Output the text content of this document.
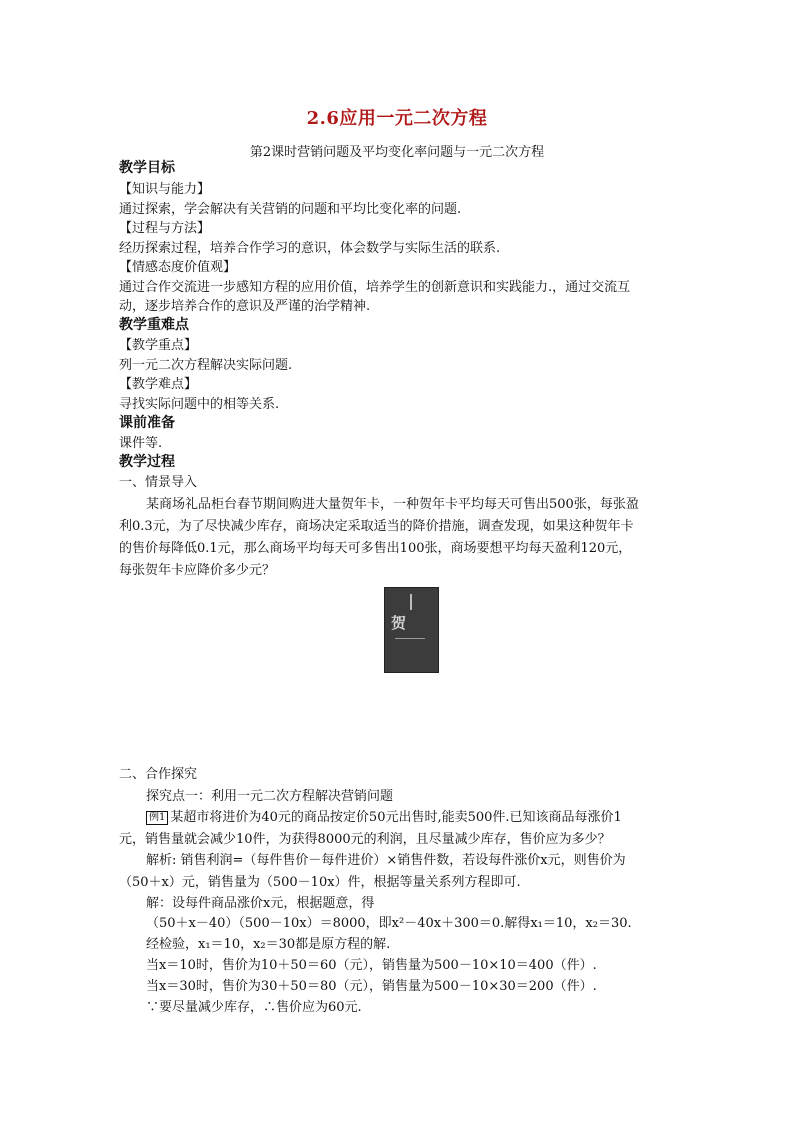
2.6应用一元二次方程
第2课时营销问题及平均变化率问题与一元二次方程
教学目标
【知识与能力】
通过探索，学会解决有关营销的问题和平均比变化率的问题.
【过程与方法】
经历探索过程，培养合作学习的意识，体会数学与实际生活的联系.
【情感态度价值观】
通过合作交流进一步感知方程的应用价值，培养学生的创新意识和实践能力.，通过交流互
动，逐步培养合作的意识及严谨的治学精神.
教学重难点
【教学重点】
列一元二次方程解决实际问题.
【教学难点】
寻找实际问题中的相等关系.
课前准备
课件等.
教学过程
一、情景导入
某商场礼品柜台春节期间购进大量贺年卡，一种贺年卡平均每天可售出500张，每张盈
利0.3元，为了尽快减少库存，商场决定采取适当的降价措施，调查发现，如果这种贺年卡
的售价每降低0.1元，那么商场平均每天可多售出100张，商场要想平均每天盈利120元，
每张贺年卡应降价多少元？
贺
二、合作探究
探究点一：利用一元二次方程解决营销问题
例1 某超市将进价为40元的商品按定价50元出售时,能卖500件.已知该商品每涨价1
元，销售量就会减少10件，为获得8000元的利润，且尽量减少库存，售价应为多少？
解析: 销售利润=（每件售价－每件进价）×销售件数，若设每件涨价x元，则售价为
（50＋x）元，销售量为（500－10x）件，根据等量关系列方程即可.
解：设每件商品涨价x元，根据题意，得
（50＋x－40）（500－10x）＝8000，即x²－40x＋300＝0.解得x₁＝10，x₂＝30.
经检验，x₁＝10，x₂＝30都是原方程的解.
当x＝10时，售价为10＋50＝60（元），销售量为500－10×10＝400（件）.
当x＝30时，售价为30＋50＝80（元），销售量为500－10×30＝200（件）.
∵要尽量减少库存，∴售价应为60元.
